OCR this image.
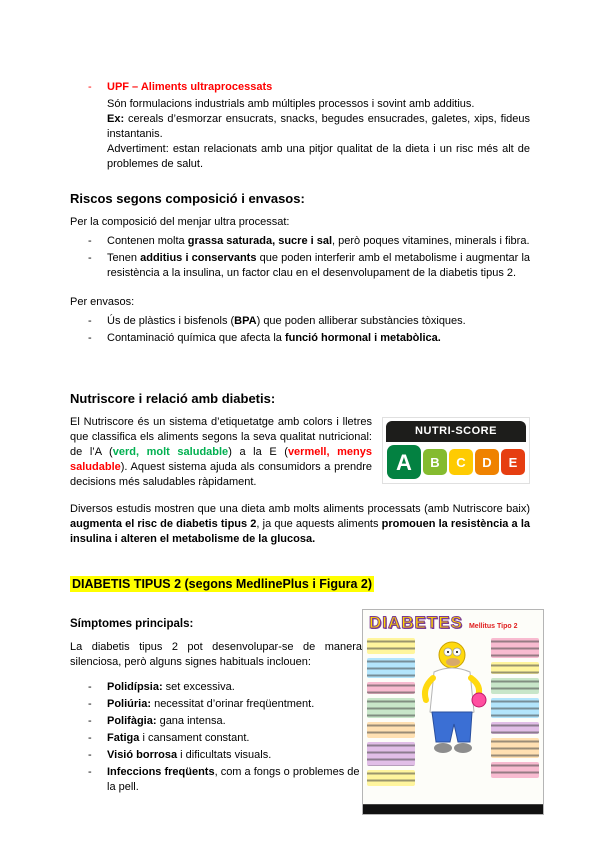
-	UPF – Aliments ultraprocessats
Són formulacions industrials amb múltiples processos i sovint amb additius.
Ex: cereals d’esmorzar ensucrats, snacks, begudes ensucrades, galetes, xips, fideus instantanis.
Advertiment: estan relacionats amb una pitjor qualitat de la dieta i un risc més alt de problemes de salut.
Riscos segons composició i envasos:
Per la composició del menjar ultra processat:
-	Contenen molta grassa saturada, sucre i sal, però poques vitamines, minerals i fibra.
-	Tenen additius i conservants que poden interferir amb el metabolisme i augmentar la resistència a la insulina, un factor clau en el desenvolupament de la diabetis tipus 2.
Per envasos:
-	Ús de plàstics i bisfenols (BPA) que poden alliberar substàncies tòxiques.
-	Contaminació química que afecta la funció hormonal i metabòlica.
Nutriscore i relació amb diabetis:
NUTRI-SCORE
A	B	C	D	E
El Nutriscore és un sistema d’etiquetatge amb colors i lletres que classifica els aliments segons la seva qualitat nutricional: de l’A (verd, molt saludable) a la E (vermell, menys saludable). Aquest sistema ajuda als consumidors a prendre decisions més saludables ràpidament.
Diversos estudis mostren que una dieta amb molts aliments processats (amb Nutriscore baix) augmenta el risc de diabetis tipus 2, ja que aquests aliments promouen la resistència a la insulina i alteren el metabolisme de la glucosa.
DIABETIS TIPUS 2 (segons MedlinePlus i Figura 2)
Símptomes principals:
La diabetis tipus 2 pot desenvolupar-se de manera silenciosa, però alguns signes habituals inclouen:
-	Polidípsia: set excessiva.
-	Poliúria: necessitat d’orinar freqüentment.
-	Polifàgia: gana intensa.
-	Fatiga i cansament constant.
-	Visió borrosa i dificultats visuals.
-	Infeccions freqüents, com a fongs o problemes de la pell.
DIABETES Mellitus Tipo 2
